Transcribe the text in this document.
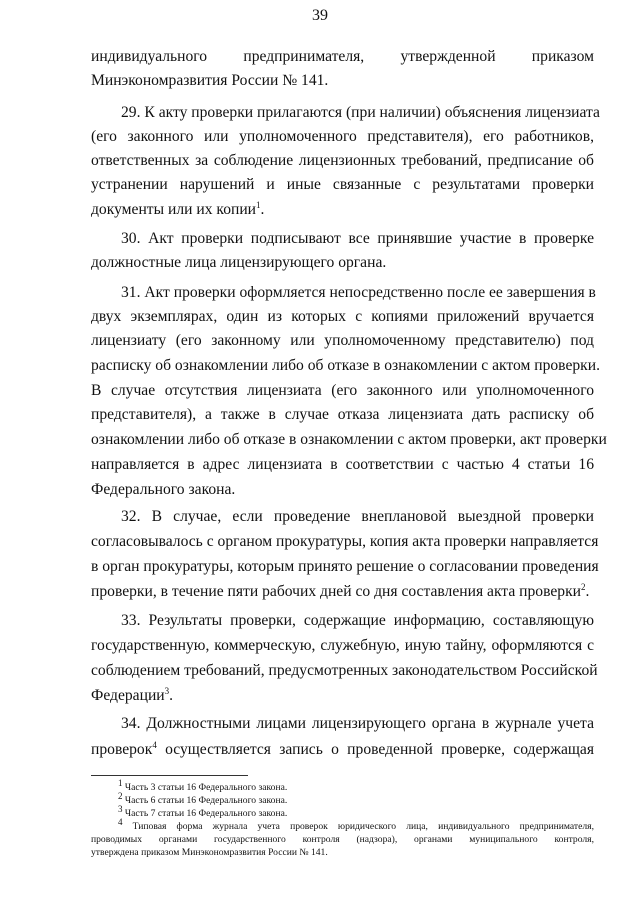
39
индивидуального предпринимателя, утвержденной приказом
Минэкономразвития России № 141.
29. К акту проверки прилагаются (при наличии) объяснения лицензиата
(его законного или уполномоченного представителя), его работников,
ответственных за соблюдение лицензионных требований, предписание об
устранении нарушений и иные связанные с результатами проверки
документы или их копии$^1$.
30. Акт проверки подписывают все принявшие участие в проверке
должностные лица лицензирующего органа.
31. Акт проверки оформляется непосредственно после ее завершения в
двух экземплярах, один из которых с копиями приложений вручается
лицензиату (его законному или уполномоченному представителю) под
расписку об ознакомлении либо об отказе в ознакомлении с актом проверки.
В случае отсутствия лицензиата (его законного или уполномоченного
представителя), а также в случае отказа лицензиата дать расписку об
ознакомлении либо об отказе в ознакомлении с актом проверки, акт проверки
направляется в адрес лицензиата в соответствии с частью 4 статьи 16
Федерального закона.
32. В случае, если проведение внеплановой выездной проверки
согласовывалось с органом прокуратуры, копия акта проверки направляется
в орган прокуратуры, которым принято решение о согласовании проведения
проверки, в течение пяти рабочих дней со дня составления акта проверки$^2$.
33. Результаты проверки, содержащие информацию, составляющую
государственную, коммерческую, служебную, иную тайну, оформляются с
соблюдением требований, предусмотренных законодательством Российской
Федерации$^3$.
34. Должностными лицами лицензирующего органа в журнале учета
проверок$^4$ осуществляется запись о проведенной проверке, содержащая
$^1$ Часть 3 статьи 16 Федерального закона.
$^2$ Часть 6 статьи 16 Федерального закона.
$^3$ Часть 7 статьи 16 Федерального закона.
$^4$ Типовая форма журнала учета проверок юридического лица, индивидуального предпринимателя,
проводимых органами государственного контроля (надзора), органами муниципального контроля,
утверждена приказом Минэкономразвития России № 141.
